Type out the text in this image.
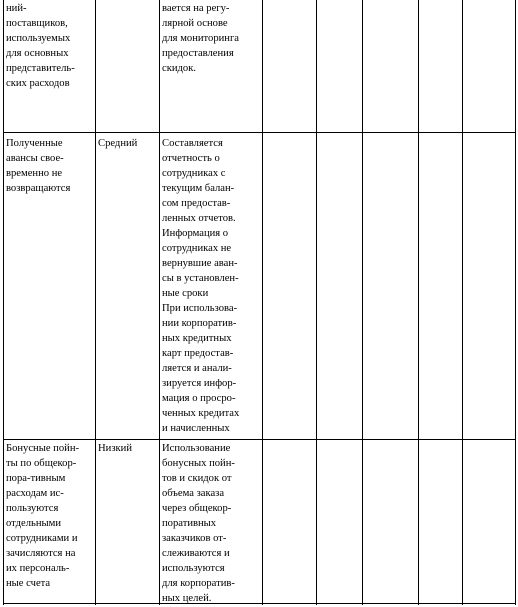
ний-
поставщиков,
используемых
для основных
представитель-
ских расходов
вается на регу-
лярной основе
для мониторинга
предоставления
скидок.
Полученные
авансы свое-
временно не
возвращаются
Средний	Составляется
отчетность о
сотрудниках с
текущим балан-
сом предостав-
ленных отчетов.
Информация о
сотрудниках не
вернувшие аван-
сы в установлен-
ные сроки
При использова-
нии корпоратив-
ных кредитных
карт предостав-
ляется и анали-
зируется инфор-
мация о просро-
ченных кредитах
и начисленных

Бонусные пойн-
ты по общекор-
пора-тивным
расходам ис-
пользуются
отдельными
сотрудниками и
зачисляются на
их персональ-
ные счета
Низкий	Использование
бонусных пойн-
тов и скидок от
объема заказа
через общекор-
поративных
заказчиков от-
слеживаются и
используются
для корпоратив-
ных целей.
